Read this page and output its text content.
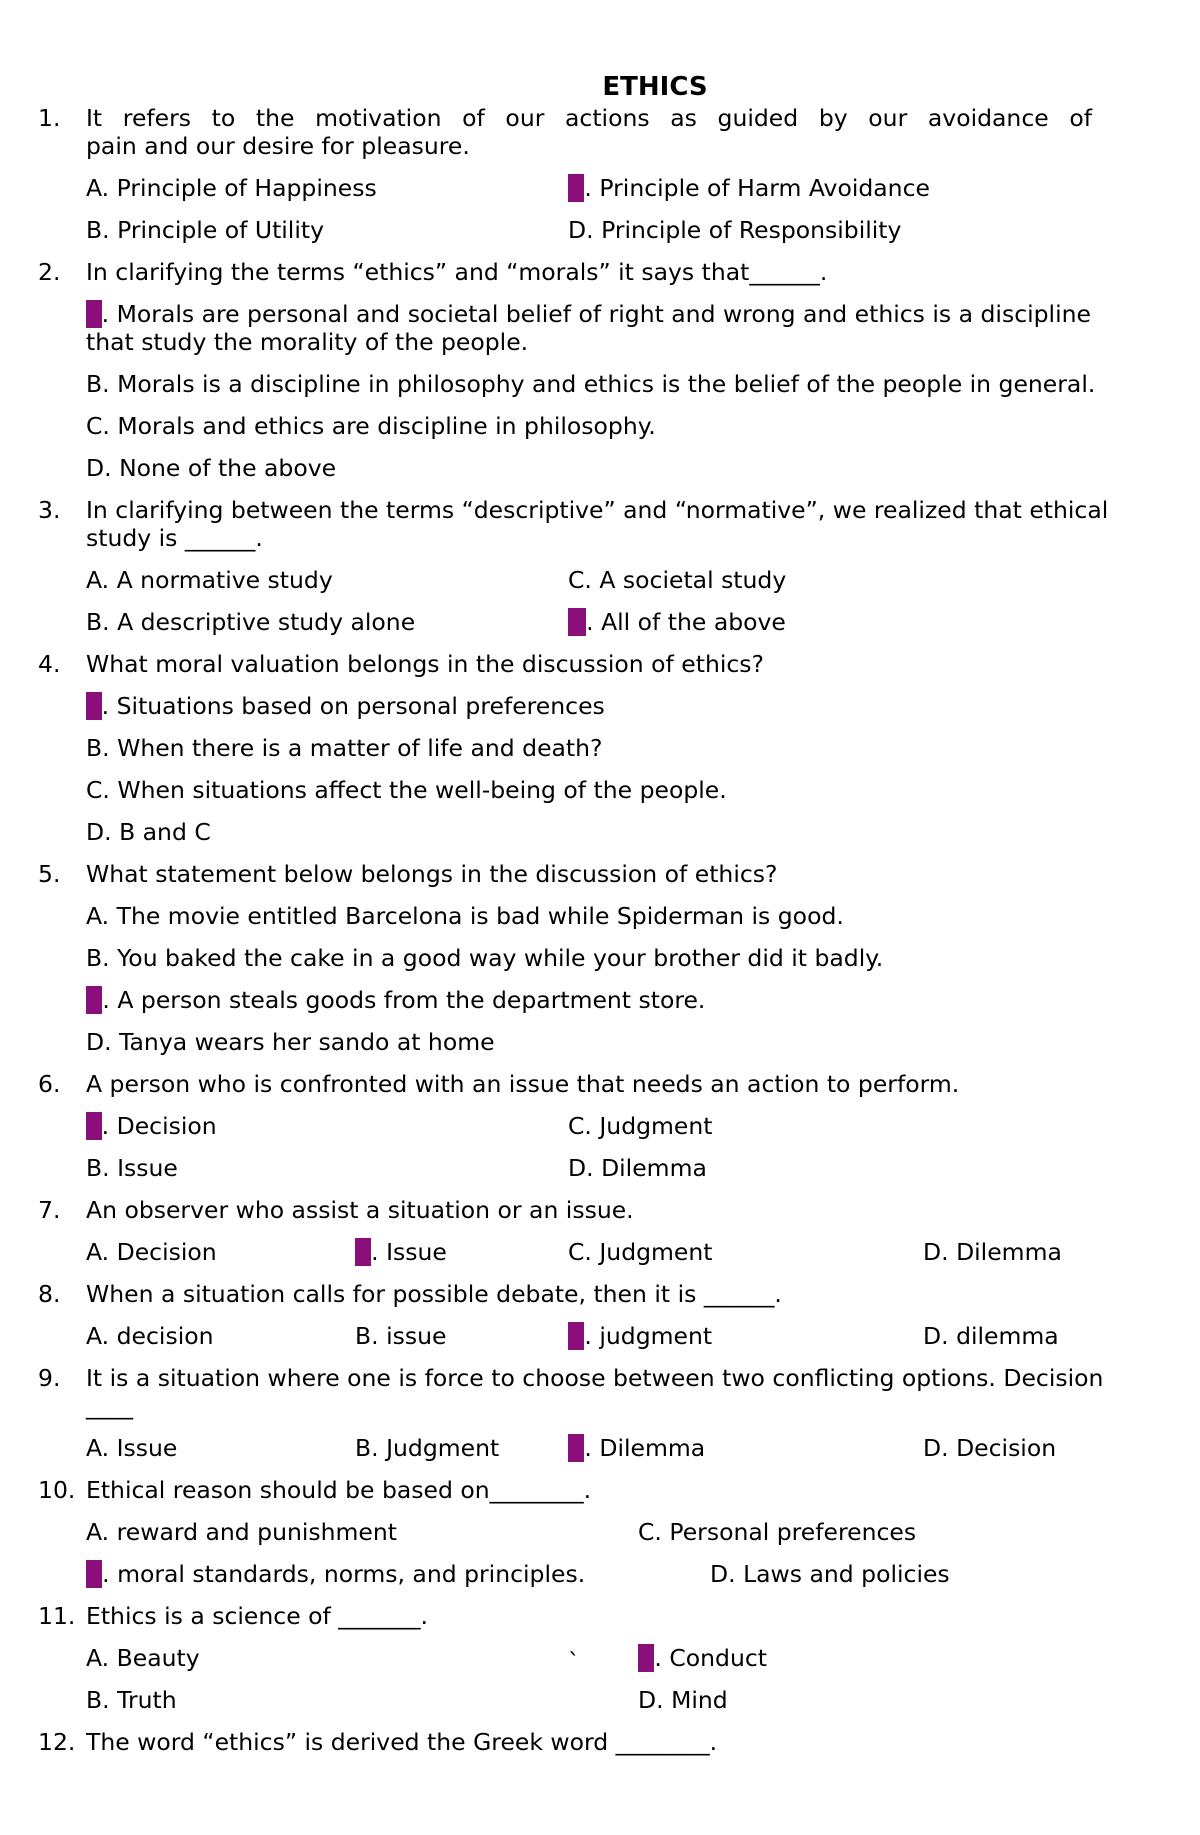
ETHICS
1. It refers to the motivation of our actions as guided by our avoidance of
pain and our desire for pleasure.
A. Principle of Happiness	C. Principle of Harm Avoidance
B. Principle of Utility	D. Principle of Responsibility
2. In clarifying the terms “ethics” and “morals” it says that______.
A. Morals are personal and societal belief of right and wrong and ethics is a discipline
that study the morality of the people.
B. Morals is a discipline in philosophy and ethics is the belief of the people in general.
C. Morals and ethics are discipline in philosophy.
D. None of the above
3. In clarifying between the terms “descriptive” and “normative”, we realized that ethical
study is ______.
A. A normative study	C. A societal study
B. A descriptive study alone	D. All of the above
4. What moral valuation belongs in the discussion of ethics?
A. Situations based on personal preferences
B. When there is a matter of life and death?
C. When situations affect the well-being of the people.
D. B and C
5. What statement below belongs in the discussion of ethics?
A. The movie entitled Barcelona is bad while Spiderman is good.
B. You baked the cake in a good way while your brother did it badly.
C. A person steals goods from the department store.
D. Tanya wears her sando at home
6. A person who is confronted with an issue that needs an action to perform.
A. Decision	C. Judgment
B. Issue	D. Dilemma
7. An observer who assist a situation or an issue.
A. Decision	B. Issue	C. Judgment	D. Dilemma
8. When a situation calls for possible debate, then it is ______.
A. decision	B. issue	C. judgment	D. dilemma
9. It is a situation where one is force to choose between two conflicting options. Decision
____
A. Issue	B. Judgment	C. Dilemma	D. Decision
10. Ethical reason should be based on________.
A. reward and punishment	C. Personal preferences
B. moral standards, norms, and principles.	D. Laws and policies
11. Ethics is a science of _______.
A. Beauty	` C. Conduct
B. Truth	D. Mind
12. The word “ethics” is derived the Greek word ________.
